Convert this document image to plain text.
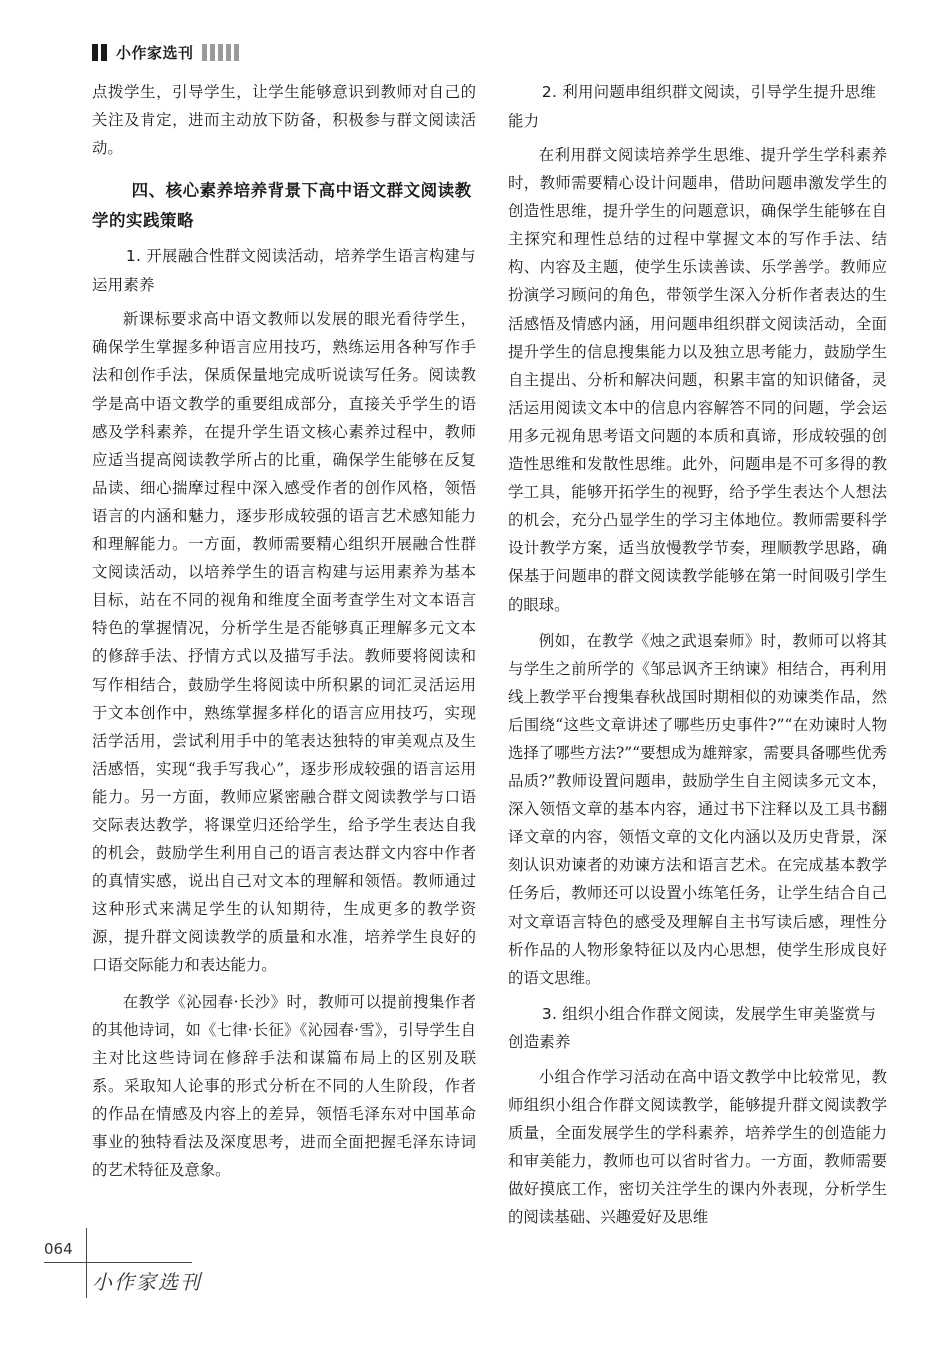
小作家选刊

点拨学生，引导学生，让学生能够意识到教师对自己的关注及肯定，进而主动放下防备，积极参与群文阅读活动。

四、核心素养培养背景下高中语文群文阅读教学的实践策略
1. 开展融合性群文阅读活动，培养学生语言构建与运用素养

新课标要求高中语文教师以发展的眼光看待学生，确保学生掌握多种语言应用技巧，熟练运用各种写作手法和创作手法，保质保量地完成听说读写任务。阅读教学是高中语文教学的重要组成部分，直接关乎学生的语感及学科素养，在提升学生语文核心素养过程中，教师应适当提高阅读教学所占的比重，确保学生能够在反复品读、细心揣摩过程中深入感受作者的创作风格，领悟语言的内涵和魅力，逐步形成较强的语言艺术感知能力和理解能力。一方面，教师需要精心组织开展融合性群文阅读活动，以培养学生的语言构建与运用素养为基本目标，站在不同的视角和维度全面考查学生对文本语言特色的掌握情况，分析学生是否能够真正理解多元文本的修辞手法、抒情方式以及描写手法。教师要将阅读和写作相结合，鼓励学生将阅读中所积累的词汇灵活运用于文本创作中，熟练掌握多样化的语言应用技巧，实现活学活用，尝试利用手中的笔表达独特的审美观点及生活感悟，实现“我手写我心”，逐步形成较强的语言运用能力。另一方面，教师应紧密融合群文阅读教学与口语交际表达教学，将课堂归还给学生，给予学生表达自我的机会，鼓励学生利用自己的语言表达群文内容中作者的真情实感，说出自己对文本的理解和领悟。教师通过这种形式来满足学生的认知期待，生成更多的教学资源，提升群文阅读教学的质量和水准，培养学生良好的口语交际能力和表达能力。

在教学《沁园春·长沙》时，教师可以提前搜集作者的其他诗词，如《七律·长征》《沁园春·雪》，引导学生自主对比这些诗词在修辞手法和谋篇布局上的区别及联系。采取知人论事的形式分析在不同的人生阶段，作者的作品在情感及内容上的差异，领悟毛泽东对中国革命事业的独特看法及深度思考，进而全面把握毛泽东诗词的艺术特征及意象。

2. 利用问题串组织群文阅读，引导学生提升思维能力

在利用群文阅读培养学生思维、提升学生学科素养时，教师需要精心设计问题串，借助问题串激发学生的创造性思维，提升学生的问题意识，确保学生能够在自主探究和理性总结的过程中掌握文本的写作手法、结构、内容及主题，使学生乐读善读、乐学善学。教师应扮演学习顾问的角色，带领学生深入分析作者表达的生活感悟及情感内涵，用问题串组织群文阅读活动，全面提升学生的信息搜集能力以及独立思考能力，鼓励学生自主提出、分析和解决问题，积累丰富的知识储备，灵活运用阅读文本中的信息内容解答不同的问题，学会运用多元视角思考语文问题的本质和真谛，形成较强的创造性思维和发散性思维。此外，问题串是不可多得的教学工具，能够开拓学生的视野，给予学生表达个人想法的机会，充分凸显学生的学习主体地位。教师需要科学设计教学方案，适当放慢教学节奏，理顺教学思路，确保基于问题串的群文阅读教学能够在第一时间吸引学生的眼球。

例如，在教学《烛之武退秦师》时，教师可以将其与学生之前所学的《邹忌讽齐王纳谏》相结合，再利用线上教学平台搜集春秋战国时期相似的劝谏类作品，然后围绕“这些文章讲述了哪些历史事件?”“在劝谏时人物选择了哪些方法?”“要想成为雄辩家，需要具备哪些优秀品质?”教师设置问题串，鼓励学生自主阅读多元文本，深入领悟文章的基本内容，通过书下注释以及工具书翻译文章的内容，领悟文章的文化内涵以及历史背景，深刻认识劝谏者的劝谏方法和语言艺术。在完成基本教学任务后，教师还可以设置小练笔任务，让学生结合自己对文章语言特色的感受及理解自主书写读后感，理性分析作品的人物形象特征以及内心思想，使学生形成良好的语文思维。

3. 组织小组合作群文阅读，发展学生审美鉴赏与创造素养

小组合作学习活动在高中语文教学中比较常见，教师组织小组合作群文阅读教学，能够提升群文阅读教学质量，全面发展学生的学科素养，培养学生的创造能力和审美能力，教师也可以省时省力。一方面，教师需要做好摸底工作，密切关注学生的课内外表现，分析学生的阅读基础、兴趣爱好及思维

064
小作家选刊
